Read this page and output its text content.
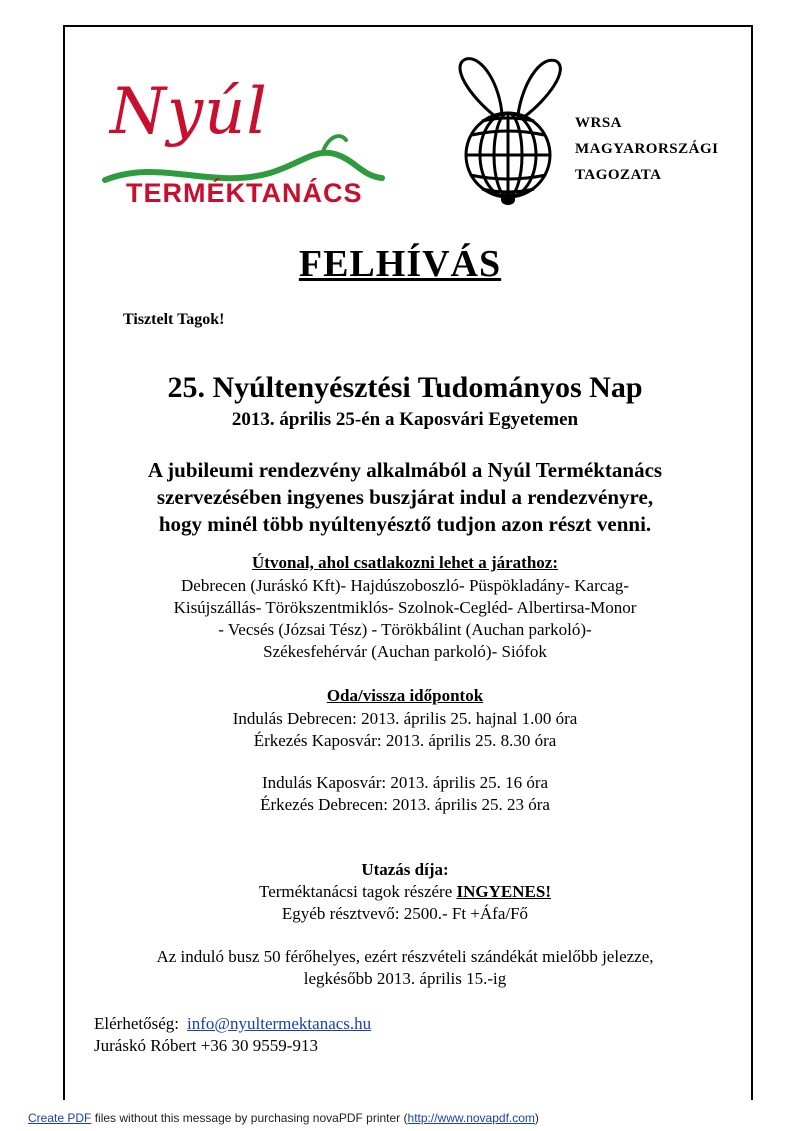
Nyúl
TERMÉKTANÁCS
WRSA
MAGYARORSZÁGI
TAGOZATA
FELHÍVÁS
Tisztelt Tagok!
25. Nyúltenyésztési Tudományos Nap
2013. április 25-én a Kaposvári Egyetemen
A jubileumi rendezvény alkalmából a Nyúl Terméktanács
szervezésében ingyenes buszjárat indul a rendezvényre,
hogy minél több nyúltenyésztő tudjon azon részt venni.
Útvonal, ahol csatlakozni lehet a járathoz:
Debrecen (Juráskó Kft)- Hajdúszoboszló- Püspökladány- Karcag-
Kisújszállás- Törökszentmiklós- Szolnok-Cegléd- Albertirsa-Monor
- Vecsés (Józsai Tész) - Törökbálint (Auchan parkoló)-
Székesfehérvár (Auchan parkoló)- Siófok
Oda/vissza időpontok
Indulás Debrecen: 2013. április 25. hajnal 1.00 óra
Érkezés Kaposvár: 2013. április 25. 8.30 óra
Indulás Kaposvár: 2013. április 25. 16 óra
Érkezés Debrecen: 2013. április 25. 23 óra
Utazás díja:
Terméktanácsi tagok részére INGYENES!
Egyéb résztvevő: 2500.- Ft +Áfa/Fő
Az induló busz 50 férőhelyes, ezért részvételi szándékát mielőbb jelezze,
legkésőbb 2013. április 15.-ig
Elérhetőség: info@nyultermektanacs.hu
Juráskó Róbert +36 30 9559-913
Create PDF files without this message by purchasing novaPDF printer (http://www.novapdf.com)
